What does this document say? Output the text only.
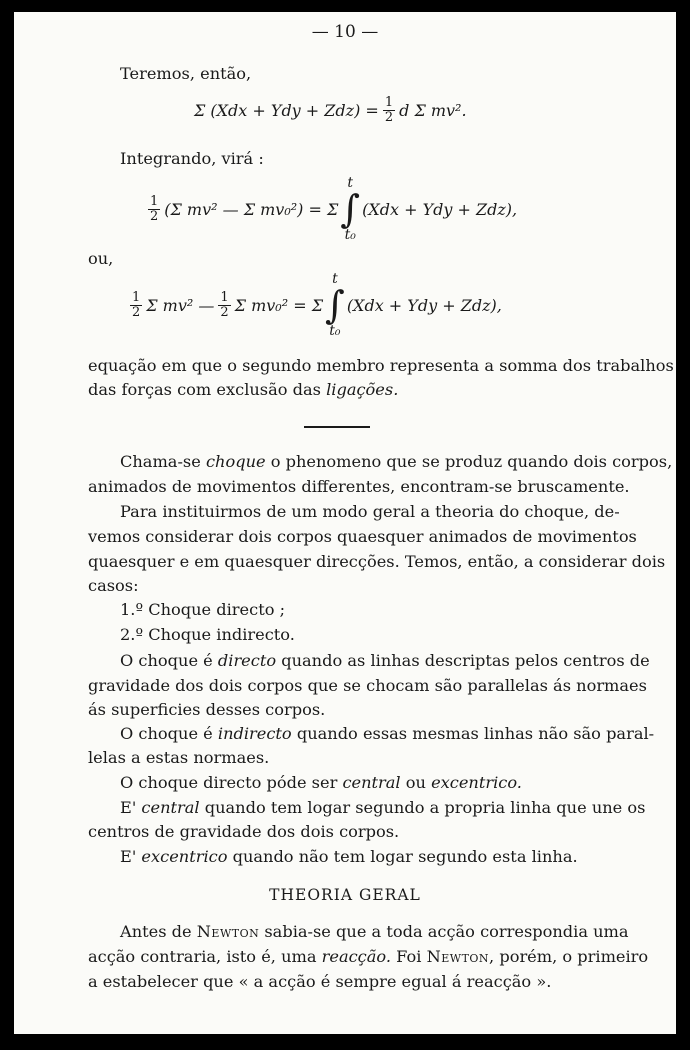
— 10 —
Teremos, então,
Σ (Xdx + Ydy + $Zdz) = \frac{1}{2}$ d Σ mv².
Integrando, virá :
$\frac{1}{2} (\Sigma$ mv² — Σ mv₀²) = Σ
t
∫
t₀
(Xdx + Ydy + Zdz),
ou,
$\frac{1}{2}$ Σ mv² — $\frac{1}{2}$ Σ mv₀² = Σ
t
∫
t₀
(Xdx + Ydy + Zdz),
equação em que o segundo membro representa a somma dos trabalhos
das forças com exclusão das ligações.
Chama-se choque o phenomeno que se produz quando dois corpos,
animados de movimentos differentes, encontram-se bruscamente.
Para instituirmos de um modo geral a theoria do choque, de-
vemos considerar dois corpos quaesquer animados de movimentos
quaesquer e em quaesquer direcções. Temos, então, a considerar dois
casos:
1.º Choque directo ;
2.º Choque indirecto.
O choque é directo quando as linhas descriptas pelos centros de
gravidade dos dois corpos que se chocam são parallelas ás normaes
ás superficies desses corpos.
O choque é indirecto quando essas mesmas linhas não são paral-
lelas a estas normaes.
O choque directo póde ser central ou excentrico.
E' central quando tem logar segundo a propria linha que une os
centros de gravidade dos dois corpos.
E' excentrico quando não tem logar segundo esta linha.
THEORIA GERAL
Antes de Newton sabia-se que a toda acção correspondia uma
acção contraria, isto é, uma reacção. Foi Newton, porém, o primeiro
a estabelecer que « a acção é sempre egual á reacção ».
